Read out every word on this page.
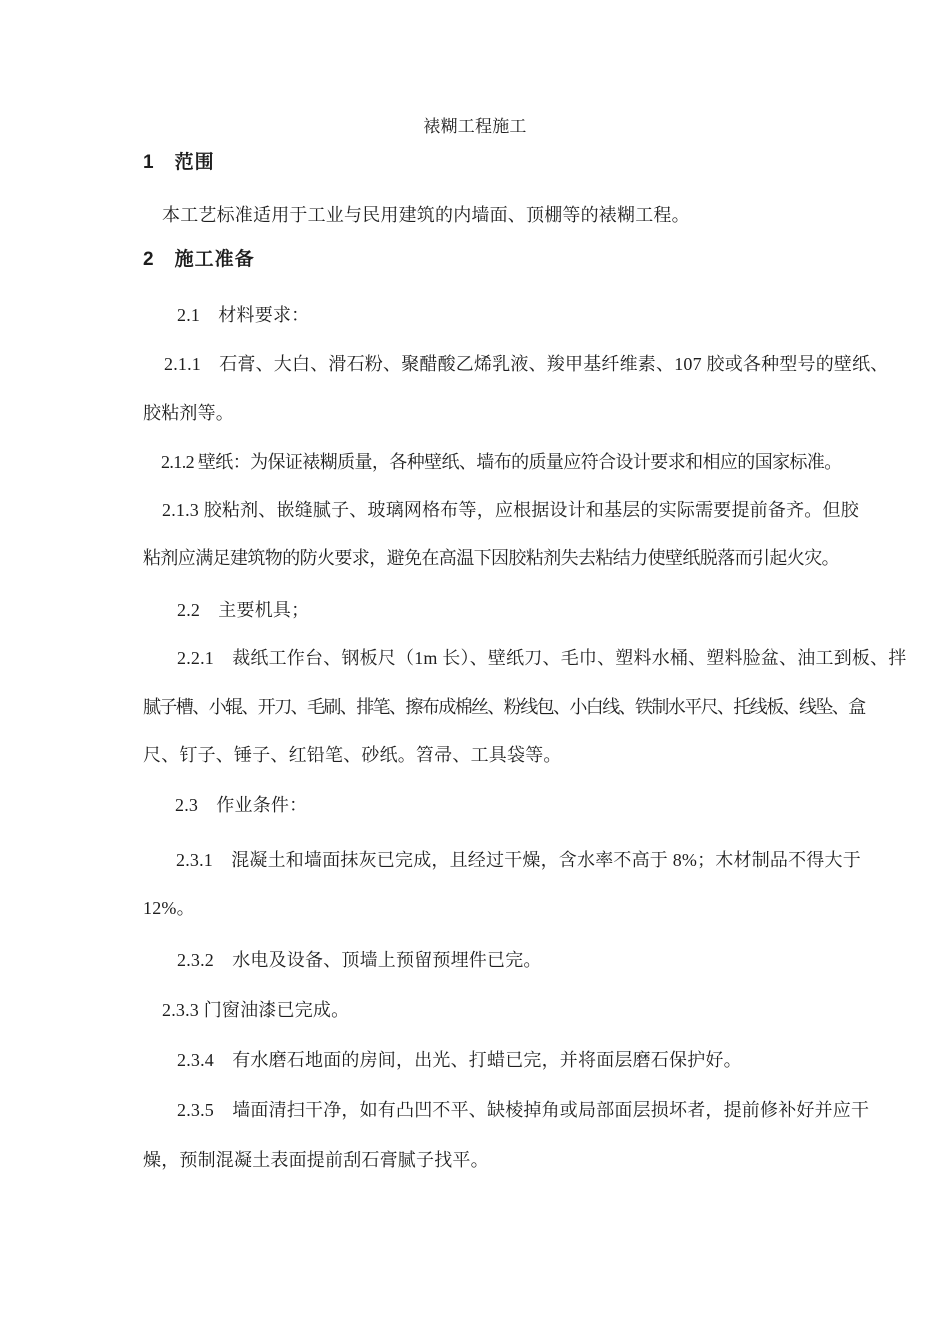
裱糊工程施工
1　范围
本工艺标准适用于工业与民用建筑的内墙面、顶棚等的裱糊工程。
2　施工准备
2.1　材料要求：
2.1.1　石膏、大白、滑石粉、聚醋酸乙烯乳液、羧甲基纤维素、107 胶或各种型号的壁纸、
胶粘剂等。
2.1.2 壁纸：为保证裱糊质量，各种壁纸、墙布的质量应符合设计要求和相应的国家标准。
2.1.3 胶粘剂、嵌缝腻子、玻璃网格布等，应根据设计和基层的实际需要提前备齐。但胶
粘剂应满足建筑物的防火要求，避免在高温下因胶粘剂失去粘结力使壁纸脱落而引起火灾。
2.2　主要机具；
2.2.1　裁纸工作台、钢板尺（1m 长）、壁纸刀、毛巾、塑料水桶、塑料脸盆、油工到板、拌
腻子槽、小辊、开刀、毛刷、排笔、擦布成棉丝、粉线包、小白线、铁制水平尺、托线板、线坠、盒
尺、钉子、锤子、红铅笔、砂纸。笤帚、工具袋等。
2.3　作业条件：
2.3.1　混凝土和墙面抹灰已完成，且经过干燥，含水率不高于 8%；木材制品不得大于
12%。
2.3.2　水电及设备、顶墙上预留预埋件已完。
2.3.3 门窗油漆已完成。
2.3.4　有水磨石地面的房间，出光、打蜡已完，并将面层磨石保护好。
2.3.5　墙面清扫干净，如有凸凹不平、缺棱掉角或局部面层损坏者，提前修补好并应干
燥，预制混凝土表面提前刮石膏腻子找平。
